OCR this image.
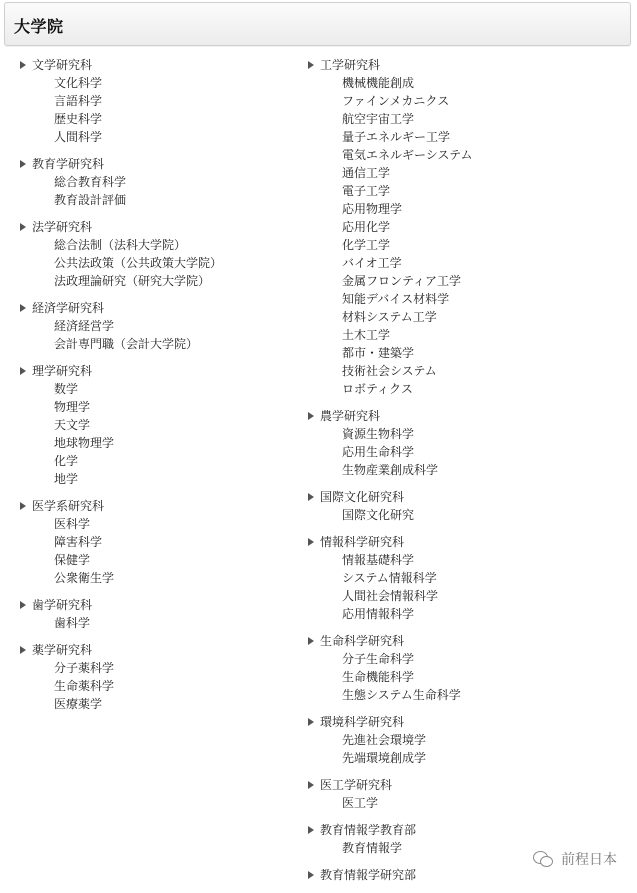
大学院
文学研究科
文化科学
言語科学
歴史科学
人間科学
教育学研究科
総合教育科学
教育設計評価
法学研究科
総合法制（法科大学院）
公共法政策（公共政策大学院）
法政理論研究（研究大学院）
経済学研究科
経済経営学
会計専門職（会計大学院）
理学研究科
数学
物理学
天文学
地球物理学
化学
地学
医学系研究科
医科学
障害科学
保健学
公衆衛生学
歯学研究科
歯科学
薬学研究科
分子薬科学
生命薬科学
医療薬学
工学研究科
機械機能創成
ファインメカニクス
航空宇宙工学
量子エネルギー工学
電気エネルギーシステム
通信工学
電子工学
応用物理学
応用化学
化学工学
バイオ工学
金属フロンティア工学
知能デバイス材料学
材料システム工学
土木工学
都市・建築学
技術社会システム
ロボティクス
農学研究科
資源生物科学
応用生命科学
生物産業創成科学
国際文化研究科
国際文化研究
情報科学研究科
情報基礎科学
システム情報科学
人間社会情報科学
応用情報科学
生命科学研究科
分子生命科学
生命機能科学
生態システム生命科学
環境科学研究科
先進社会環境学
先端環境創成学
医工学研究科
医工学
教育情報学教育部
教育情報学
教育情報学研究部
前程日本
